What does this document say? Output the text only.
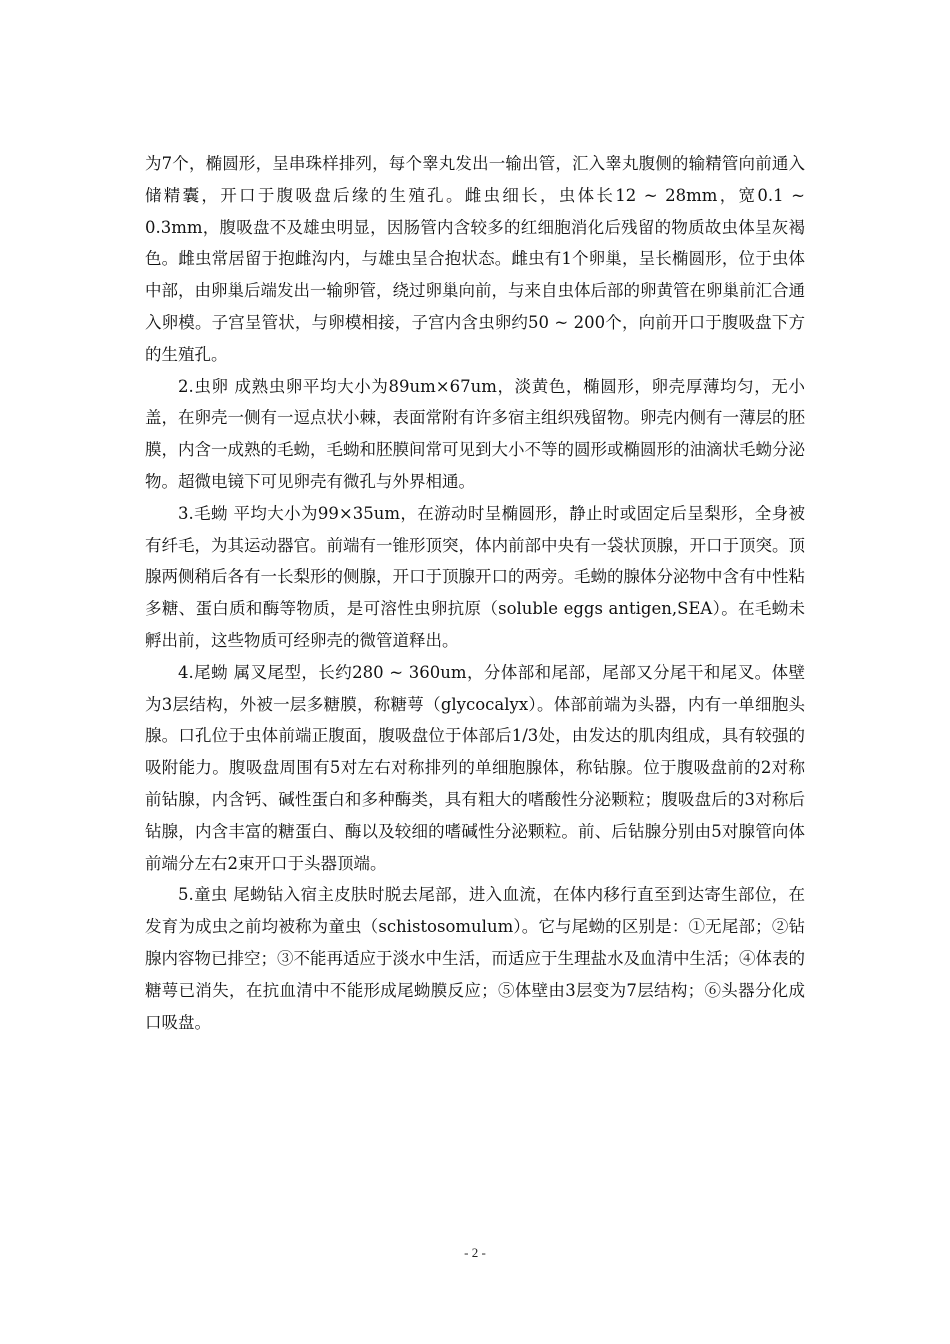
为7个，椭圆形，呈串珠样排列，每个睾丸发出一输出管，汇入睾丸腹侧的输精管向前通入储精囊，开口于腹吸盘后缘的生殖孔。雌虫细长，虫体长12 ~ 28mm，宽0.1 ~ 0.3mm，腹吸盘不及雄虫明显，因肠管内含较多的红细胞消化后残留的物质故虫体呈灰褐色。雌虫常居留于抱雌沟内，与雄虫呈合抱状态。雌虫有1个卵巢，呈长椭圆形，位于虫体中部，由卵巢后端发出一输卵管，绕过卵巢向前，与来自虫体后部的卵黄管在卵巢前汇合通入卵模。子宫呈管状，与卵模相接，子宫内含虫卵约50 ~ 200个，向前开口于腹吸盘下方的生殖孔。

2.虫卵 成熟虫卵平均大小为89um×67um，淡黄色，椭圆形，卵壳厚薄均匀，无小盖，在卵壳一侧有一逗点状小棘，表面常附有许多宿主组织残留物。卵壳内侧有一薄层的胚膜，内含一成熟的毛蚴，毛蚴和胚膜间常可见到大小不等的圆形或椭圆形的油滴状毛蚴分泌物。超微电镜下可见卵壳有微孔与外界相通。

3.毛蚴 平均大小为99×35um，在游动时呈椭圆形，静止时或固定后呈梨形，全身被有纤毛，为其运动器官。前端有一锥形顶突，体内前部中央有一袋状顶腺，开口于顶突。顶腺两侧稍后各有一长梨形的侧腺，开口于顶腺开口的两旁。毛蚴的腺体分泌物中含有中性粘多糖、蛋白质和酶等物质，是可溶性虫卵抗原（soluble eggs antigen,SEA）。在毛蚴未孵出前，这些物质可经卵壳的微管道释出。

4.尾蚴 属叉尾型，长约280 ~ 360um，分体部和尾部，尾部又分尾干和尾叉。体壁为3层结构，外被一层多糖膜，称糖萼（glycocalyx）。体部前端为头器，内有一单细胞头腺。口孔位于虫体前端正腹面，腹吸盘位于体部后1/3处，由发达的肌肉组成，具有较强的吸附能力。腹吸盘周围有5对左右对称排列的单细胞腺体，称钻腺。位于腹吸盘前的2对称前钻腺，内含钙、碱性蛋白和多种酶类，具有粗大的嗜酸性分泌颗粒；腹吸盘后的3对称后钻腺，内含丰富的糖蛋白、酶以及较细的嗜碱性分泌颗粒。前、后钻腺分别由5对腺管向体前端分左右2束开口于头器顶端。

5.童虫 尾蚴钻入宿主皮肤时脱去尾部，进入血流，在体内移行直至到达寄生部位，在发育为成虫之前均被称为童虫（schistosomulum）。它与尾蚴的区别是：①无尾部；②钻腺内容物已排空；③不能再适应于淡水中生活，而适应于生理盐水及血清中生活；④体表的糖萼已消失，在抗血清中不能形成尾蚴膜反应；⑤体壁由3层变为7层结构；⑥头器分化成口吸盘。

- 2 -
